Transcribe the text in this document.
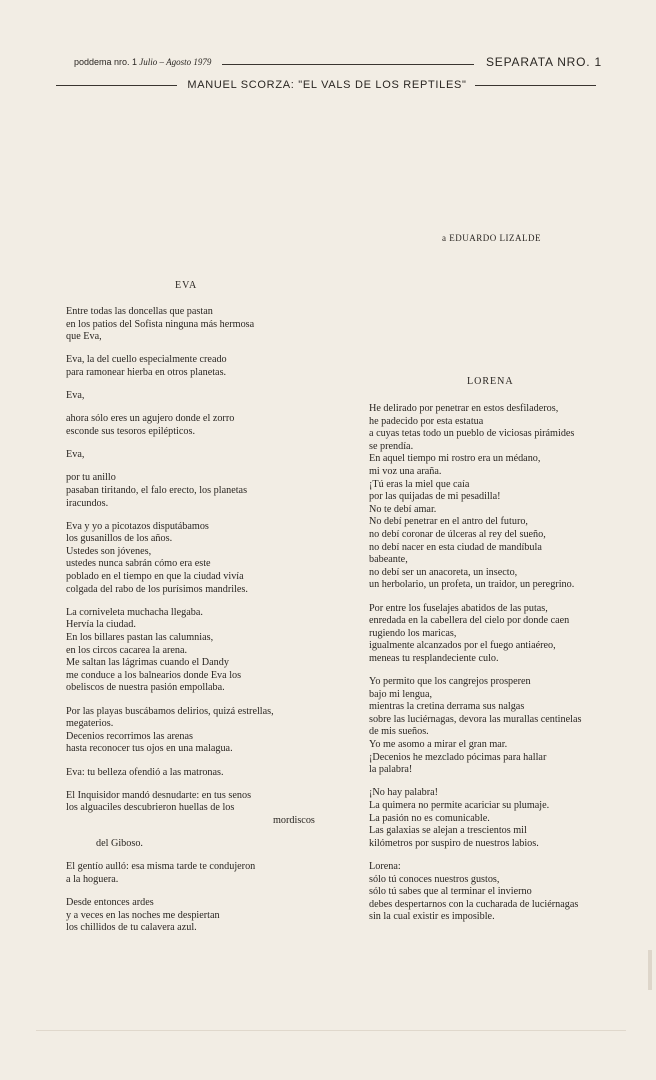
poddema nro. 1 Julio – Agosto 1979	SEPARATA NRO. 1
MANUEL SCORZA: "EL VALS DE LOS REPTILES"
a EDUARDO LIZALDE
EVA
Entre todas las doncellas que pastan
en los patios del Sofista ninguna más hermosa
que Eva,
Eva, la del cuello especialmente creado
para ramonear hierba en otros planetas.
Eva,
ahora sólo eres un agujero donde el zorro
esconde sus tesoros epilépticos.
Eva,
por tu anillo
pasaban tiritando, el falo erecto, los planetas
iracundos.
Eva y yo a picotazos disputábamos
los gusanillos de los años.
Ustedes son jóvenes,
ustedes nunca sabrán cómo era este
poblado en el tiempo en que la ciudad vivía
colgada del rabo de los purísimos mandriles.
La corniveleta muchacha llegaba.
Hervía la ciudad.
En los billares pastan las calumnias,
en los circos cacarea la arena.
Me saltan las lágrimas cuando el Dandy
me conduce a los balnearios donde Eva los
obeliscos de nuestra pasión empollaba.
Por las playas buscábamos delirios, quizá estrellas,
megaterios.
Decenios recorrimos las arenas
hasta reconocer tus ojos en una malagua.
Eva: tu belleza ofendió a las matronas.
El Inquisidor mandó desnudarte: en tus senos
los alguaciles descubrieron huellas de los
mordiscos
del Giboso.
El gentío aulló: esa misma tarde te condujeron
a la hoguera.
Desde entonces ardes
y a veces en las noches me despiertan
los chillidos de tu calavera azul.
LORENA
He delirado por penetrar en estos desfiladeros,
he padecido por esta estatua
a cuyas tetas todo un pueblo de viciosas pirámides
se prendía.
En aquel tiempo mi rostro era un médano,
mi voz una araña.
¡Tú eras la miel que caía
por las quijadas de mi pesadilla!
No te debí amar.
No debí penetrar en el antro del futuro,
no debí coronar de úlceras al rey del sueño,
no debí nacer en esta ciudad de mandíbula
babeante,
no debí ser un anacoreta, un insecto,
un herbolario, un profeta, un traidor, un peregrino.
Por entre los fuselajes abatidos de las putas,
enredada en la cabellera del cielo por donde caen
rugiendo los maricas,
igualmente alcanzados por el fuego antiaéreo,
meneas tu resplandeciente culo.
Yo permito que los cangrejos prosperen
bajo mi lengua,
mientras la cretina derrama sus nalgas
sobre las luciérnagas, devora las murallas centinelas
de mis sueños.
Yo me asomo a mirar el gran mar.
¡Decenios he mezclado pócimas para hallar
la palabra!
¡No hay palabra!
La quimera no permite acariciar su plumaje.
La pasión no es comunicable.
Las galaxias se alejan a trescientos mil
kilómetros por suspiro de nuestros labios.
Lorena:
sólo tú conoces nuestros gustos,
sólo tú sabes que al terminar el invierno
debes despertarnos con la cucharada de luciérnagas
sin la cual existir es imposible.
